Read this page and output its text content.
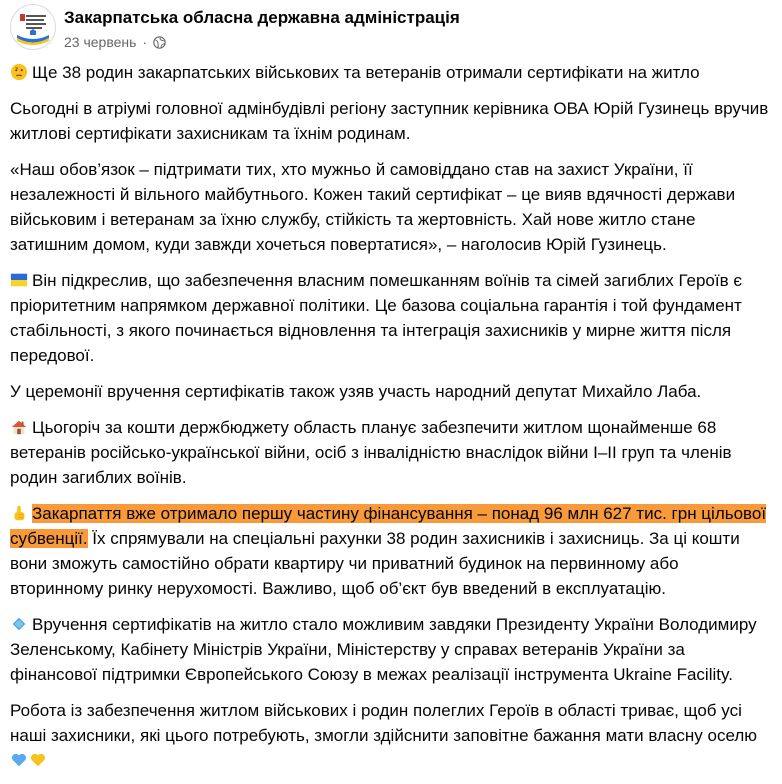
Закарпатська обласна державна адміністрація
23 червень ·

Ще 38 родин закарпатських військових та ветеранів отримали сертифікати на житло

Сьогодні в атріумі головної адмінбудівлі регіону заступник керівника ОВА Юрій Гузинець вручив житлові сертифікати захисникам та їхнім родинам.

«Наш обов’язок – підтримати тих, хто мужньо й самовіддано став на захист України, її незалежності й вільного майбутнього. Кожен такий сертифікат – це вияв вдячності держави військовим і ветеранам за їхню службу, стійкість та жертовність. Хай нове житло стане затишним домом, куди завжди хочеться повертатися», – наголосив Юрій Гузинець.

Він підкреслив, що забезпечення власним помешканням воїнів та сімей загиблих Героїв є пріоритетним напрямком державної політики. Це базова соціальна гарантія і той фундамент стабільності, з якого починається відновлення та інтеграція захисників у мирне життя після передової.

У церемонії вручення сертифікатів також узяв участь народний депутат Михайло Лаба.

Цьогоріч за кошти держбюджету область планує забезпечити житлом щонайменше 68 ветеранів російсько-української війни, осіб з інвалідністю внаслідок війни I–II груп та членів родин загиблих воїнів.

Закарпаття вже отримало першу частину фінансування – понад 96 млн 627 тис. грн цільової субвенції. Їх спрямували на спеціальні рахунки 38 родин захисників і захисниць. За ці кошти вони зможуть самостійно обрати квартиру чи приватний будинок на первинному або вторинному ринку нерухомості. Важливо, щоб об’єкт був введений в експлуатацію.

Вручення сертифікатів на житло стало можливим завдяки Президенту України Володимиру Зеленському, Кабінету Міністрів України, Міністерству у справах ветеранів України за фінансової підтримки Європейського Союзу в межах реалізації інструмента Ukraine Facility.

Робота із забезпечення житлом військових і родин полеглих Героїв в області триває, щоб усі наші захисники, які цього потребують, змогли здійснити заповітне бажання мати власну оселю
